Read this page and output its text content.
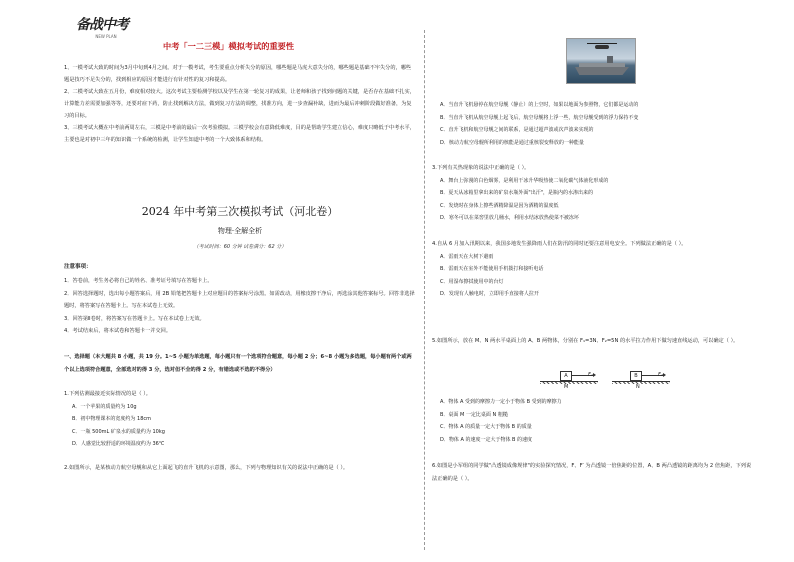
备战中考
NEW PLAN
中考「一二三模」模拟考试的重要性

1、一模考试大致的时间为3月中旬到4月之间。对于一模考试，考生要重点分析失分的原因，哪些题是马虎大意失分的，哪些题是基础不牢失分的，哪些题是技巧不足失分的，找到相应的原因才能进行有针对性的复习和提高。

2、二模考试大致在五月份，难度相对较大。这次考试主要检测学校以及学生在第一轮复习的成果，让老师和孩子找到问题的关键，是否存在基础不扎实，计算能力差需要加强等等，还要对症下药，防止找到解决方法，做到复习方法的调整，找准方向，进一步查漏补缺，进而为最后冲刺阶段做好准备，为复习的目标。

3、三模考试大概在中考前两周左右，三模是中考前的最后一次考验模拟。三模学校会有意降低难度，目的是帮助学生建立信心，难度只略低于中考水平，主要也是对初中三年的知识做一个系统的检测，让学生知道中考的一个大致体系和结构。

2024 年中考第三次模拟考试（河北卷）
物理·全解全析
（考试时间：60 分钟 试卷满分：62 分）
注意事项：

1．答卷前，考生务必将自己的姓名、准考证号填写在答题卡上。

2．回答选择题时，选出每小题答案后，用 2B 铅笔把答题卡上对应题目的答案标号涂黑。如需改动，用橡皮擦干净后，再选涂其他答案标号。回答非选择题时，将答案写在答题卡上。写在本试卷上无效。

3．回答第Ⅱ卷时，将答案写在答题卡上。写在本试卷上无效。

4．考试结束后，将本试卷和答题卡一并交回。

一、选择题（本大题共 8 小题，共 19 分。1~5 小题为单选题，每小题只有一个选项符合题意，每小题 2 分；6~8 小题为多选题，每小题有两个或两个以上选项符合题意，全部选对的得 3 分，选对但不全的得 2 分，有错选或不选的不得分）

1.下列估测最接近实际情况的是（ ）。

A．一个苹果的质量约为 10g

B．初中物理课本的宽度约为 18cm

C．一瓶 500mL 矿泉水的质量约为 10kg

D．人感觉比较舒适的环境温度约为 36℃

2.如图所示，是某核动力航空母舰和从它上面起飞的直升飞机的示意图，那么，下列与物理知识有关的说法中正确的是（ ）。

A．当直升飞机悬停在航空母舰（静止）的上空时，如果以地面为参照物，它们都是运动的

B．当直升飞机从航空母舰上起飞后，航空母舰将上浮一些，航空母舰受到的浮力保持不变

C．直升飞机和航空母舰之间的联系，是通过超声波或次声波来实现的

D．核动力航空母舰所利用的核能是通过重核裂变释放的一种能量

3.下列有关热现象的说法中正确的是（ ）。

A．舞台上弥漫的白色烟雾，是利用干冰升华吸热使二氧化碳气体液化形成的

B．夏天从冰箱里拿出来的矿泉水瓶外面"出汗"，是瓶内的水渗出来的

C．发烧时在身体上擦些酒精降温是因为酒精的温度低

D．寒冬可以在菜窖里放几桶水，利用水结冰放热使菜不被冻坏

4.自从 6 月加入汛期以来，我国多地发生强降雨人们在防汛的同时还要注意用电安全。下列做法正确的是（ ）。

A．雷雨天在大树下避雨

B．雷雨天在室外不能使用手机拨打和接听电话

C．用湿布擦拭使用中的台灯

D．发现有人触电时，立即用手直接将人拉开

5.如图所示，放在 M、N 两水平桌面上的 A、B 两物体，分别在 F₁=3N、F₂=5N 的水平拉力作用下做匀速直线运动，可以确定（ ）。

A	F₁
M
B	F₂
N

A．物体 A 受到的摩擦力一定小于物体 B 受到的摩擦力

B．桌面 M 一定比桌面 N 粗糙

C．物体 A 的质量一定大于物体 B 的质量

D．物体 A 的速度一定大于物体 B 的速度

6.如图是小军组的同学做"凸透镜成像规律"的实验探究情况，F、F′ 为凸透镜一倍焦距的位置，A、B 两凸透镜的距离均为 2 倍焦距，下列说法正确的是（ ）。
